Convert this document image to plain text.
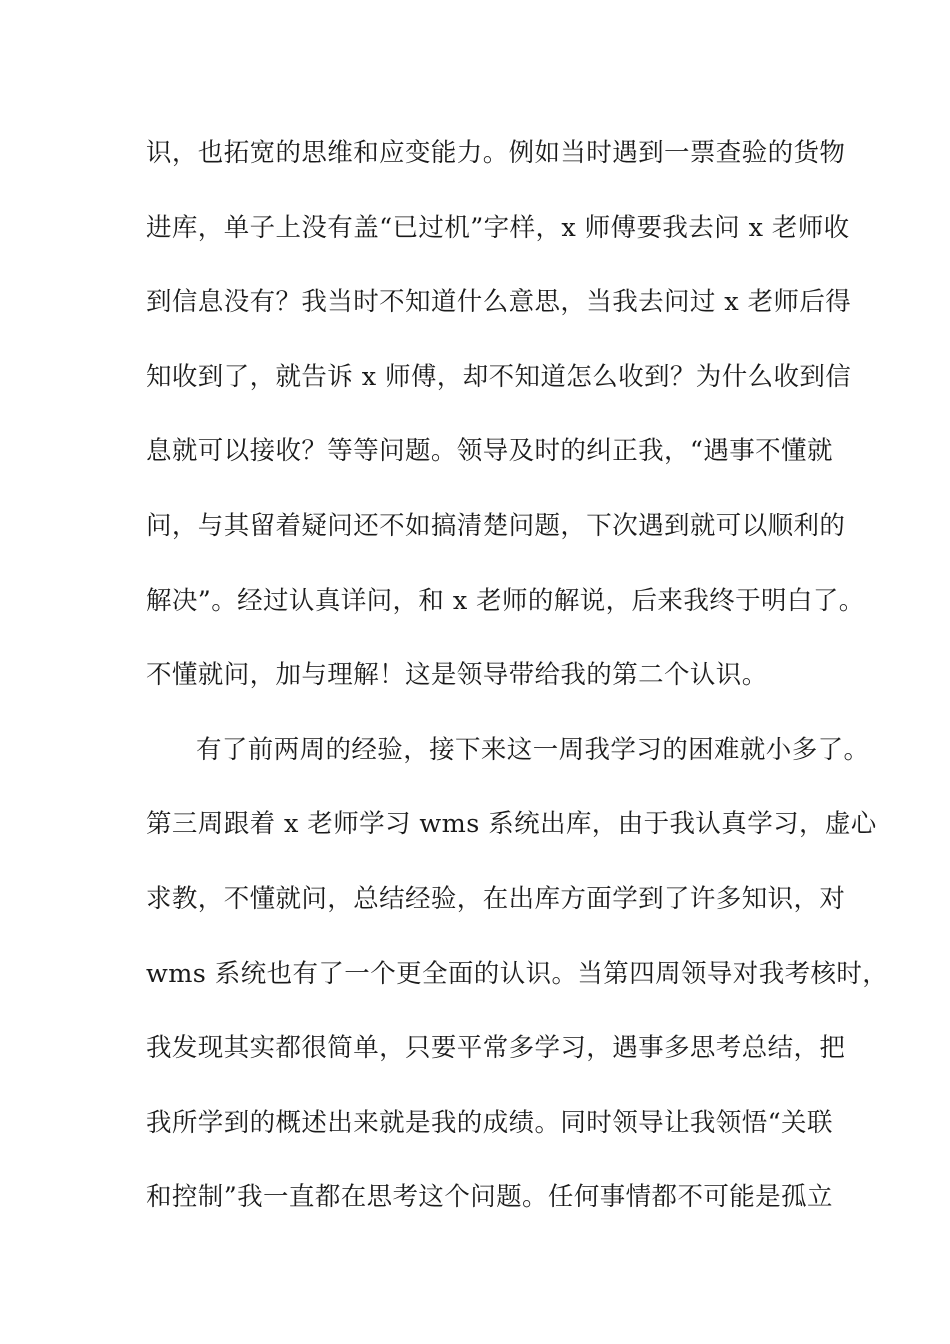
识，也拓宽的思维和应变能力。例如当时遇到一票查验的货物
进库，单子上没有盖“已过机”字样，x 师傅要我去问 x 老师收
到信息没有？我当时不知道什么意思，当我去问过 x 老师后得
知收到了，就告诉 x 师傅，却不知道怎么收到？为什么收到信
息就可以接收？等等问题。领导及时的纠正我，“遇事不懂就
问，与其留着疑问还不如搞清楚问题，下次遇到就可以顺利的
解决”。经过认真详问，和 x 老师的解说，后来我终于明白了。
不懂就问，加与理解！这是领导带给我的第二个认识。
有了前两周的经验，接下来这一周我学习的困难就小多了。
第三周跟着 x 老师学习 wms 系统出库，由于我认真学习，虚心
求教，不懂就问，总结经验，在出库方面学到了许多知识，对
wms 系统也有了一个更全面的认识。当第四周领导对我考核时，
我发现其实都很简单，只要平常多学习，遇事多思考总结，把
我所学到的概述出来就是我的成绩。同时领导让我领悟“关联
和控制”我一直都在思考这个问题。任何事情都不可能是孤立
